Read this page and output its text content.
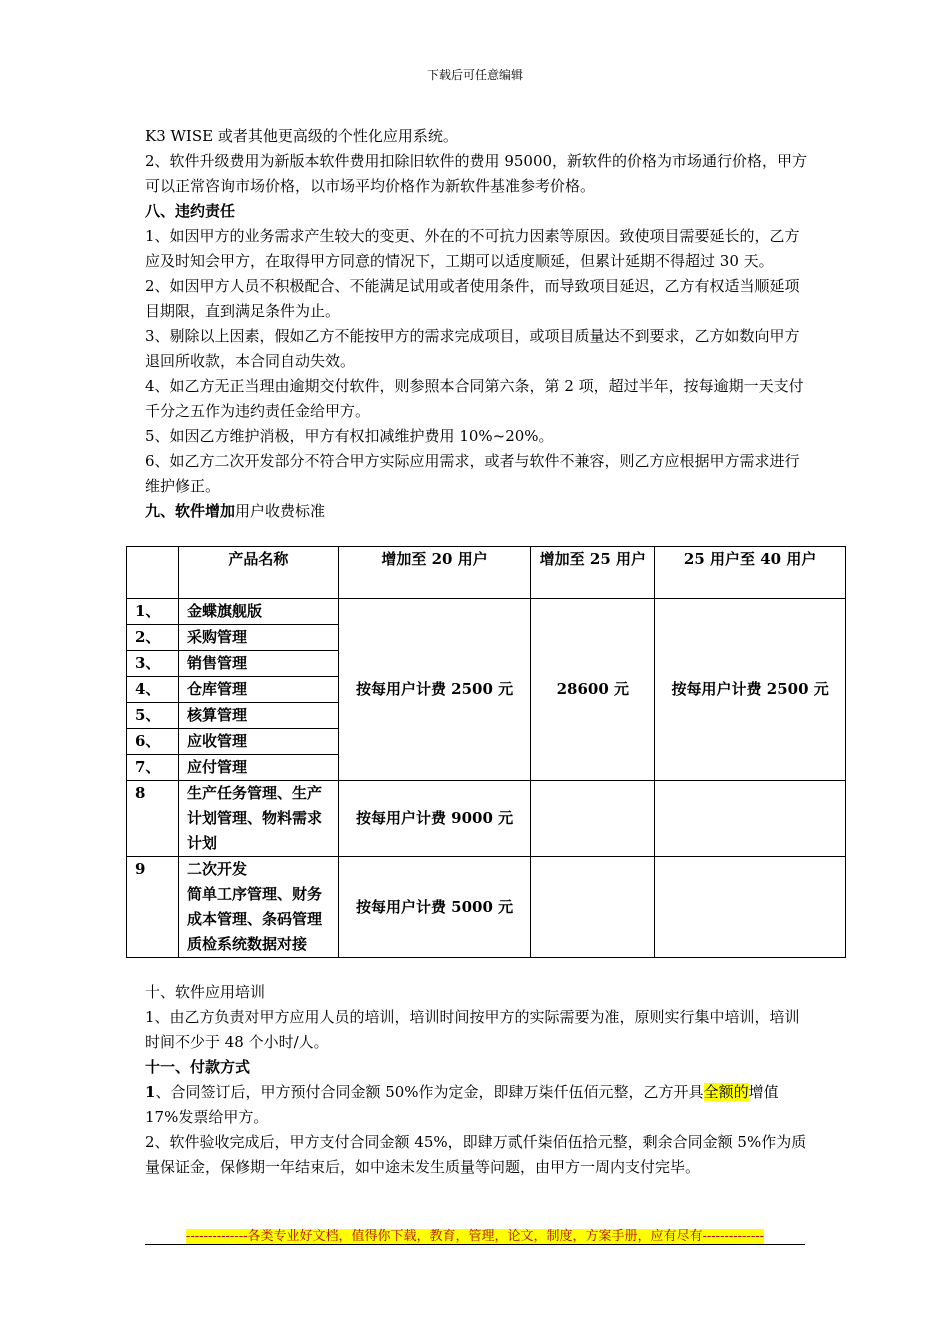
下载后可任意编辑

K3 WISE 或者其他更高级的个性化应用系统。

2、软件升级费用为新版本软件费用扣除旧软件的费用 95000，新软件的价格为市场通行价格，甲方可以正常咨询市场价格，以市场平均价格作为新软件基准参考价格。

八、违约责任

1、如因甲方的业务需求产生较大的变更、外在的不可抗力因素等原因。致使项目需要延长的，乙方应及时知会甲方，在取得甲方同意的情况下，工期可以适度顺延，但累计延期不得超过 30 天。

2、如因甲方人员不积极配合、不能满足试用或者使用条件，而导致项目延迟，乙方有权适当顺延项目期限，直到满足条件为止。

3、剔除以上因素，假如乙方不能按甲方的需求完成项目，或项目质量达不到要求，乙方如数向甲方退回所收款，本合同自动失效。

4、如乙方无正当理由逾期交付软件，则参照本合同第六条，第 2 项，超过半年，按每逾期一天支付千分之五作为违约责任金给甲方。

5、如因乙方维护消极，甲方有权扣减维护费用 10%~20%。

6、如乙方二次开发部分不符合甲方实际应用需求，或者与软件不兼容，则乙方应根据甲方需求进行维护修正。

九、软件增加用户收费标准

	产品名称	增加至 20 用户	增加至 25 用户	25 用户至 40 用户
1、	金蝶旗舰版	按每用户计费 2500 元	28600 元	按每用户计费 2500 元
2、	采购管理			
3、	销售管理			
4、	仓库管理			
5、	核算管理			
6、	应收管理			
7、	应付管理			
8	生产任务管理、生产计划管理、物料需求计划	按每用户计费 9000 元		
9	二次开发
简单工序管理、财务成本管理、条码管理质检系统数据对接	按每用户计费 5000 元		

十、软件应用培训

1、由乙方负责对甲方应用人员的培训，培训时间按甲方的实际需要为准，原则实行集中培训，培训时间不少于 48 个小时/人。

十一、付款方式

1、合同签订后，甲方预付合同金额 50%作为定金，即肆万柒仟伍佰元整，乙方开具全额的增值 17%发票给甲方。

2、软件验收完成后，甲方支付合同金额 45%，即肆万贰仟柒佰伍拾元整，剩余合同金额 5%作为质量保证金，保修期一年结束后，如中途未发生质量等问题，由甲方一周内支付完毕。

--------------各类专业好文档，值得你下载，教育，管理，论文，制度，方案手册，应有尽有--------------
